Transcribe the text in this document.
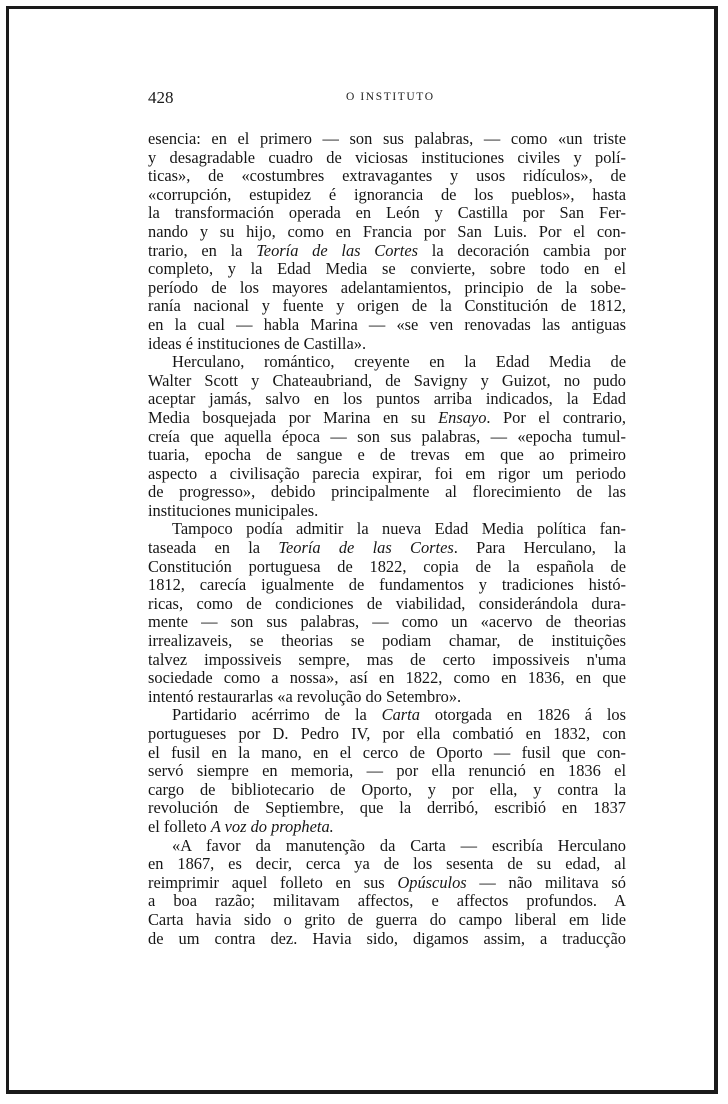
428	O INSTITUTO
esencia: en el primero — son sus palabras, — como «un triste
y desagradable cuadro de viciosas instituciones civiles y polí-
ticas», de «costumbres extravagantes y usos ridículos», de
«corrupción, estupidez é ignorancia de los pueblos», hasta
la transformación operada en León y Castilla por San Fer-
nando y su hijo, como en Francia por San Luis. Por el con-
trario, en la Teoría de las Cortes la decoración cambia por
completo, y la Edad Media se convierte, sobre todo en el
período de los mayores adelantamientos, principio de la sobe-
ranía nacional y fuente y origen de la Constitución de 1812,
en la cual — habla Marina — «se ven renovadas las antiguas
ideas é instituciones de Castilla».
Herculano, romántico, creyente en la Edad Media de
Walter Scott y Chateaubriand, de Savigny y Guizot, no pudo
aceptar jamás, salvo en los puntos arriba indicados, la Edad
Media bosquejada por Marina en su Ensayo. Por el contrario,
creía que aquella época — son sus palabras, — «epocha tumul-
tuaria, epocha de sangue e de trevas em que ao primeiro
aspecto a civilisação parecia expirar, foi em rigor um periodo
de progresso», debido principalmente al florecimiento de las
instituciones municipales.
Tampoco podía admitir la nueva Edad Media política fan-
taseada en la Teoría de las Cortes. Para Herculano, la
Constitución portuguesa de 1822, copia de la española de
1812, carecía igualmente de fundamentos y tradiciones histó-
ricas, como de condiciones de viabilidad, considerándola dura-
mente — son sus palabras, — como un «acervo de theorias
irrealizaveis, se theorias se podiam chamar, de instituições
talvez impossiveis sempre, mas de certo impossiveis n'uma
sociedade como a nossa», así en 1822, como en 1836, en que
intentó restaurarlas «a revolução do Setembro».
Partidario acérrimo de la Carta otorgada en 1826 á los
portugueses por D. Pedro IV, por ella combatió en 1832, con
el fusil en la mano, en el cerco de Oporto — fusil que con-
servó siempre en memoria, — por ella renunció en 1836 el
cargo de bibliotecario de Oporto, y por ella, y contra la
revolución de Septiembre, que la derribó, escribió en 1837
el folleto A voz do propheta.
«A favor da manutenção da Carta — escribía Herculano
en 1867, es decir, cerca ya de los sesenta de su edad, al
reimprimir aquel folleto en sus Opúsculos — não militava só
a boa razão; militavam affectos, e affectos profundos. A
Carta havia sido o grito de guerra do campo liberal em lide
de um contra dez. Havia sido, digamos assim, a traducção
